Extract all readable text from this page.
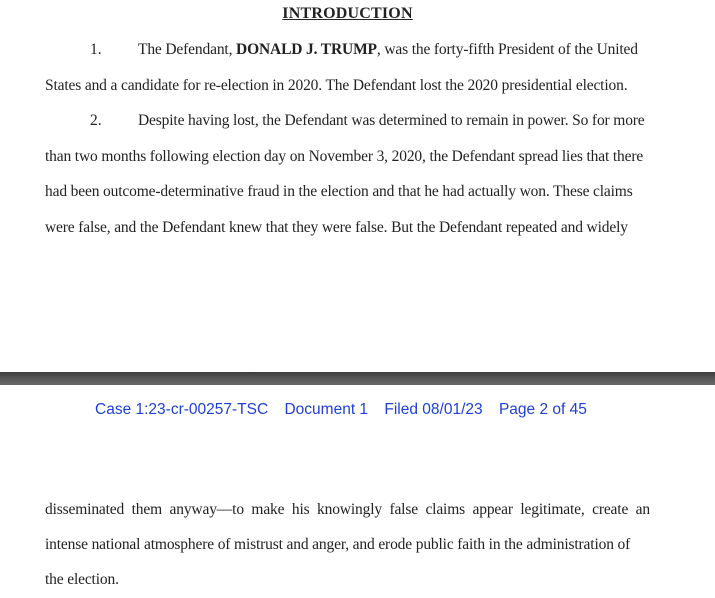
INTRODUCTION
1. The Defendant, DONALD J. TRUMP, was the forty-fifth President of the United
States and a candidate for re-election in 2020. The Defendant lost the 2020 presidential election.
2. Despite having lost, the Defendant was determined to remain in power. So for more
than two months following election day on November 3, 2020, the Defendant spread lies that there
had been outcome-determinative fraud in the election and that he had actually won. These claims
were false, and the Defendant knew that they were false. But the Defendant repeated and widely
Case 1:23-cr-00257-TSC Document 1 Filed 08/01/23 Page 2 of 45
disseminated them anyway—to make his knowingly false claims appear legitimate, create an
intense national atmosphere of mistrust and anger, and erode public faith in the administration of
the election.
